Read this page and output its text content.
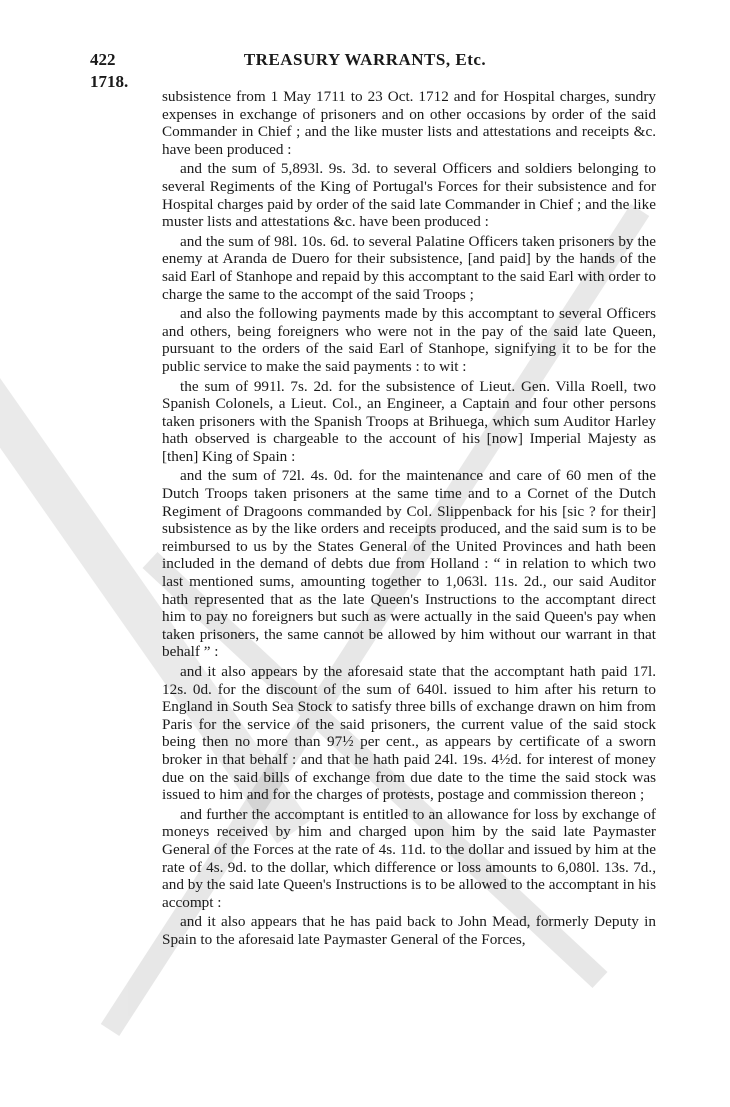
422	TREASURY WARRANTS, Etc.
1718.

subsistence from 1 May 1711 to 23 Oct. 1712 and for Hospital charges, sundry expenses in exchange of prisoners and on other occasions by order of the said Commander in Chief ; and the like muster lists and attestations and receipts &c. have been produced :

and the sum of 5,893l. 9s. 3d. to several Officers and soldiers belonging to several Regiments of the King of Portugal's Forces for their subsistence and for Hospital charges paid by order of the said late Commander in Chief ; and the like muster lists and attestations &c. have been produced :

and the sum of 98l. 10s. 6d. to several Palatine Officers taken prisoners by the enemy at Aranda de Duero for their subsistence, [and paid] by the hands of the said Earl of Stanhope and repaid by this accomptant to the said Earl with order to charge the same to the accompt of the said Troops ;

and also the following payments made by this accomptant to several Officers and others, being foreigners who were not in the pay of the said late Queen, pursuant to the orders of the said Earl of Stanhope, signifying it to be for the public service to make the said payments : to wit :

the sum of 991l. 7s. 2d. for the subsistence of Lieut. Gen. Villa Roell, two Spanish Colonels, a Lieut. Col., an Engineer, a Captain and four other persons taken prisoners with the Spanish Troops at Brihuega, which sum Auditor Harley hath observed is chargeable to the account of his [now] Imperial Majesty as [then] King of Spain :

and the sum of 72l. 4s. 0d. for the maintenance and care of 60 men of the Dutch Troops taken prisoners at the same time and to a Cornet of the Dutch Regiment of Dragoons commanded by Col. Slippenback for his [sic ? for their] subsistence as by the like orders and receipts produced, and the said sum is to be reimbursed to us by the States General of the United Provinces and hath been included in the demand of debts due from Holland : “ in relation to which two last mentioned sums, amounting together to 1,063l. 11s. 2d., our said Auditor hath represented that as the late Queen's Instructions to the accomptant direct him to pay no foreigners but such as were actually in the said Queen's pay when taken prisoners, the same cannot be allowed by him without our warrant in that behalf ” :

and it also appears by the aforesaid state that the accomptant hath paid 17l. 12s. 0d. for the discount of the sum of 640l. issued to him after his return to England in South Sea Stock to satisfy three bills of exchange drawn on him from Paris for the service of the said prisoners, the current value of the said stock being then no more than 97½ per cent., as appears by certificate of a sworn broker in that behalf : and that he hath paid 24l. 19s. 4½d. for interest of money due on the said bills of exchange from due date to the time the said stock was issued to him and for the charges of protests, postage and commission thereon ;

and further the accomptant is entitled to an allowance for loss by exchange of moneys received by him and charged upon him by the said late Paymaster General of the Forces at the rate of 4s. 11d. to the dollar and issued by him at the rate of 4s. 9d. to the dollar, which difference or loss amounts to 6,080l. 13s. 7d., and by the said late Queen's Instructions is to be allowed to the accomptant in his accompt :

and it also appears that he has paid back to John Mead, formerly Deputy in Spain to the aforesaid late Paymaster General of the Forces,
